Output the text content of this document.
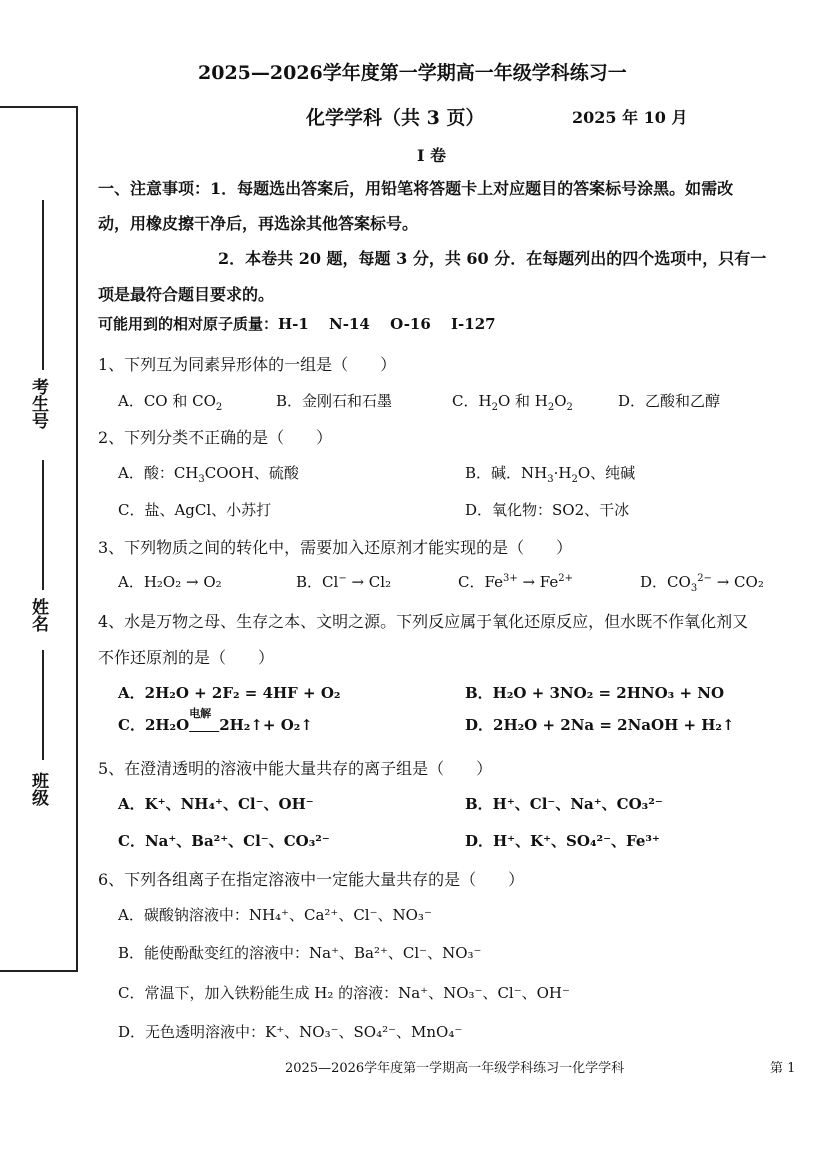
考生号
姓名
班级
2025—2026学年度第一学期高一年级学科练习一
化学学科（共 3 页）	2025 年 10 月
I 卷
一、注意事项：1．每题选出答案后，用铅笔将答题卡上对应题目的答案标号涂黑。如需改
动，用橡皮擦干净后，再选涂其他答案标号。
2．本卷共 20 题，每题 3 分，共 60 分．在每题列出的四个选项中，只有一
项是最符合题目要求的。
可能用到的相对原子质量：H-1　 N-14　 O-16　 I-127
1、下列互为同素异形体的一组是（　　）
A．CO 和 $CO_2$	B．金刚石和石墨	C．$H_2O$ 和 $H_2O_2$	D．乙酸和乙醇
2、下列分类不正确的是（　　）
A．酸：$CH_3COOH$、硫酸	B．碱．$NH_3\cdot H_2O$、纯碱
C．盐、AgCl、小苏打	D．氧化物：SO2、干冰
3、下列物质之间的转化中，需要加入还原剂才能实现的是（　　）
A．H₂O₂ → O₂	B．Cl− → Cl₂	C．$Fe^{3+} \to Fe^{2+}$	D．$CO_3^{2-} \to CO_2$
4、水是万物之母、生存之本、文明之源。下列反应属于氧化还原反应，但水既不作氧化剂又
不作还原剂的是（　　）
A．2H₂O + 2F₂ = 4HF + O₂	B．H₂O + 3NO₂ = 2HNO₃ + NO
C．2H₂O
电解
  2H₂↑+ O₂↑	D．2H₂O + 2Na = 2NaOH + H₂↑
5、在澄清透明的溶液中能大量共存的离子组是（　　）
A．K⁺、NH₄⁺、Cl⁻、OH⁻	B．H⁺、Cl⁻、Na⁺、CO₃²⁻
C．Na⁺、Ba²⁺、Cl⁻、CO₃²⁻	D．H⁺、K⁺、SO₄²⁻、Fe³⁺
6、下列各组离子在指定溶液中一定能大量共存的是（　　）
A．碳酸钠溶液中：NH₄⁺、Ca²⁺、Cl⁻、NO₃⁻
B．能使酚酞变红的溶液中：Na⁺、Ba²⁺、Cl⁻、NO₃⁻
C．常温下，加入铁粉能生成 H₂ 的溶液：Na⁺、NO₃⁻、Cl⁻、OH⁻
D．无色透明溶液中：K⁺、NO₃⁻、SO₄²⁻、MnO₄⁻
2025—2026学年度第一学期高一年级学科练习一化学学科	第 1
